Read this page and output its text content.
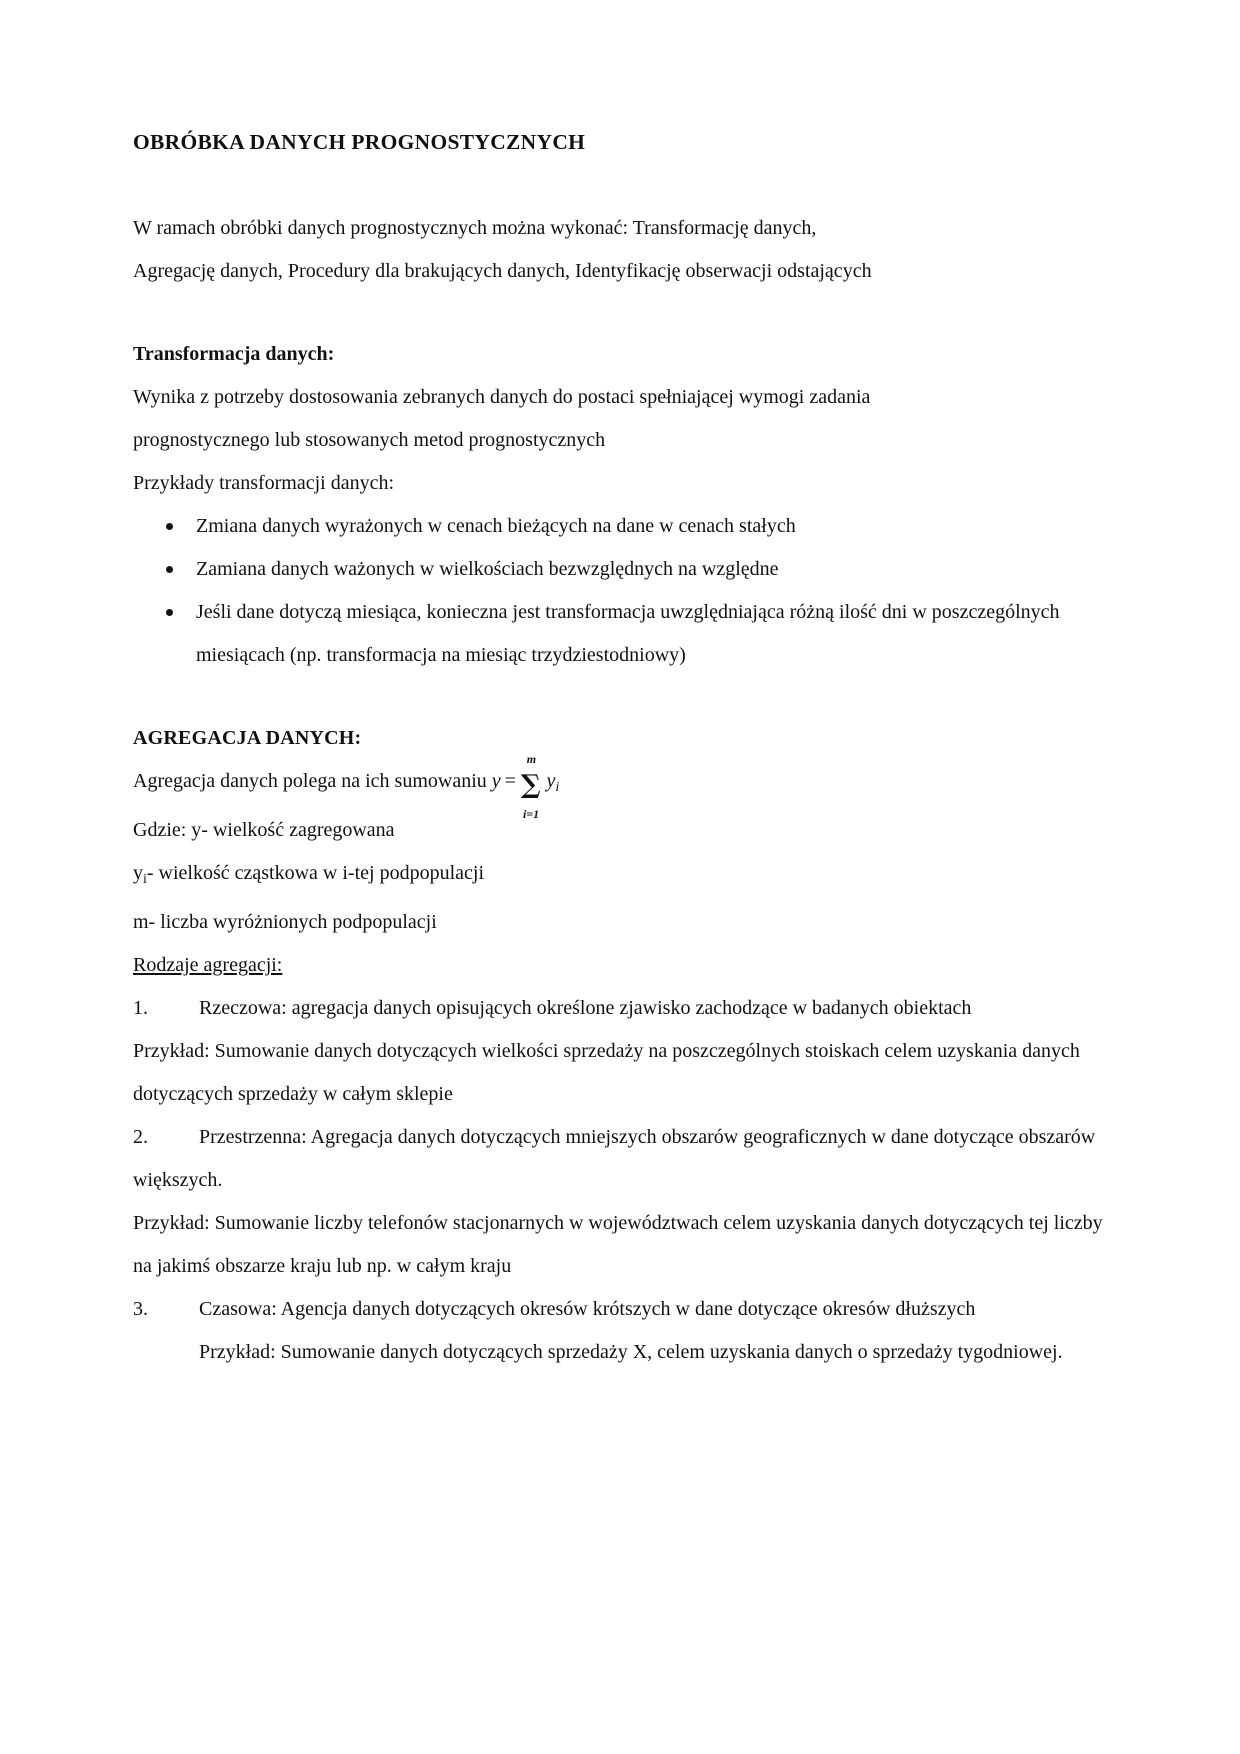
OBRÓBKA DANYCH PROGNOSTYCZNYCH

W ramach obróbki danych prognostycznych można wykonać: Transformację danych,

Agregację danych, Procedury dla brakujących danych, Identyfikację obserwacji odstających

Transformacja danych:

Wynika z potrzeby dostosowania zebranych danych do postaci spełniającej wymogi zadania

prognostycznego lub stosowanych metod prognostycznych

Przykłady transformacji danych:

Zmiana danych wyrażonych w cenach bieżących na dane w cenach stałych
Zamiana danych ważonych w wielkościach bezwzględnych na względne
Jeśli dane dotyczą miesiąca, konieczna jest transformacja uwzględniająca różną ilość dni w poszczególnych miesiącach (np. transformacja na miesiąc trzydziestodniowy)

AGREGACJA DANYCH:

Agregacja danych polega na ich sumowaniu y =
m
∑
i=1
$y_i$

Gdzie: y- wielkość zagregowana

$y_i-$ wielkość cząstkowa w i-tej podpopulacji

m- liczba wyróżnionych podpopulacji

Rodzaje agregacji:

1.	Rzeczowa: agregacja danych opisujących określone zjawisko zachodzące w badanych obiektach

Przykład: Sumowanie danych dotyczących wielkości sprzedaży na poszczególnych stoiskach celem uzyskania danych dotyczących sprzedaży w całym sklepie

2.	Przestrzenna: Agregacja danych dotyczących mniejszych obszarów geograficznych w dane dotyczące obszarów większych.

Przykład: Sumowanie liczby telefonów stacjonarnych w województwach celem uzyskania danych dotyczących tej liczby na jakimś obszarze kraju lub np. w całym kraju

3.	Czasowa: Agencja danych dotyczących okresów krótszych w dane dotyczące okresów dłuższych

Przykład: Sumowanie danych dotyczących sprzedaży X, celem uzyskania danych o sprzedaży tygodniowej.
